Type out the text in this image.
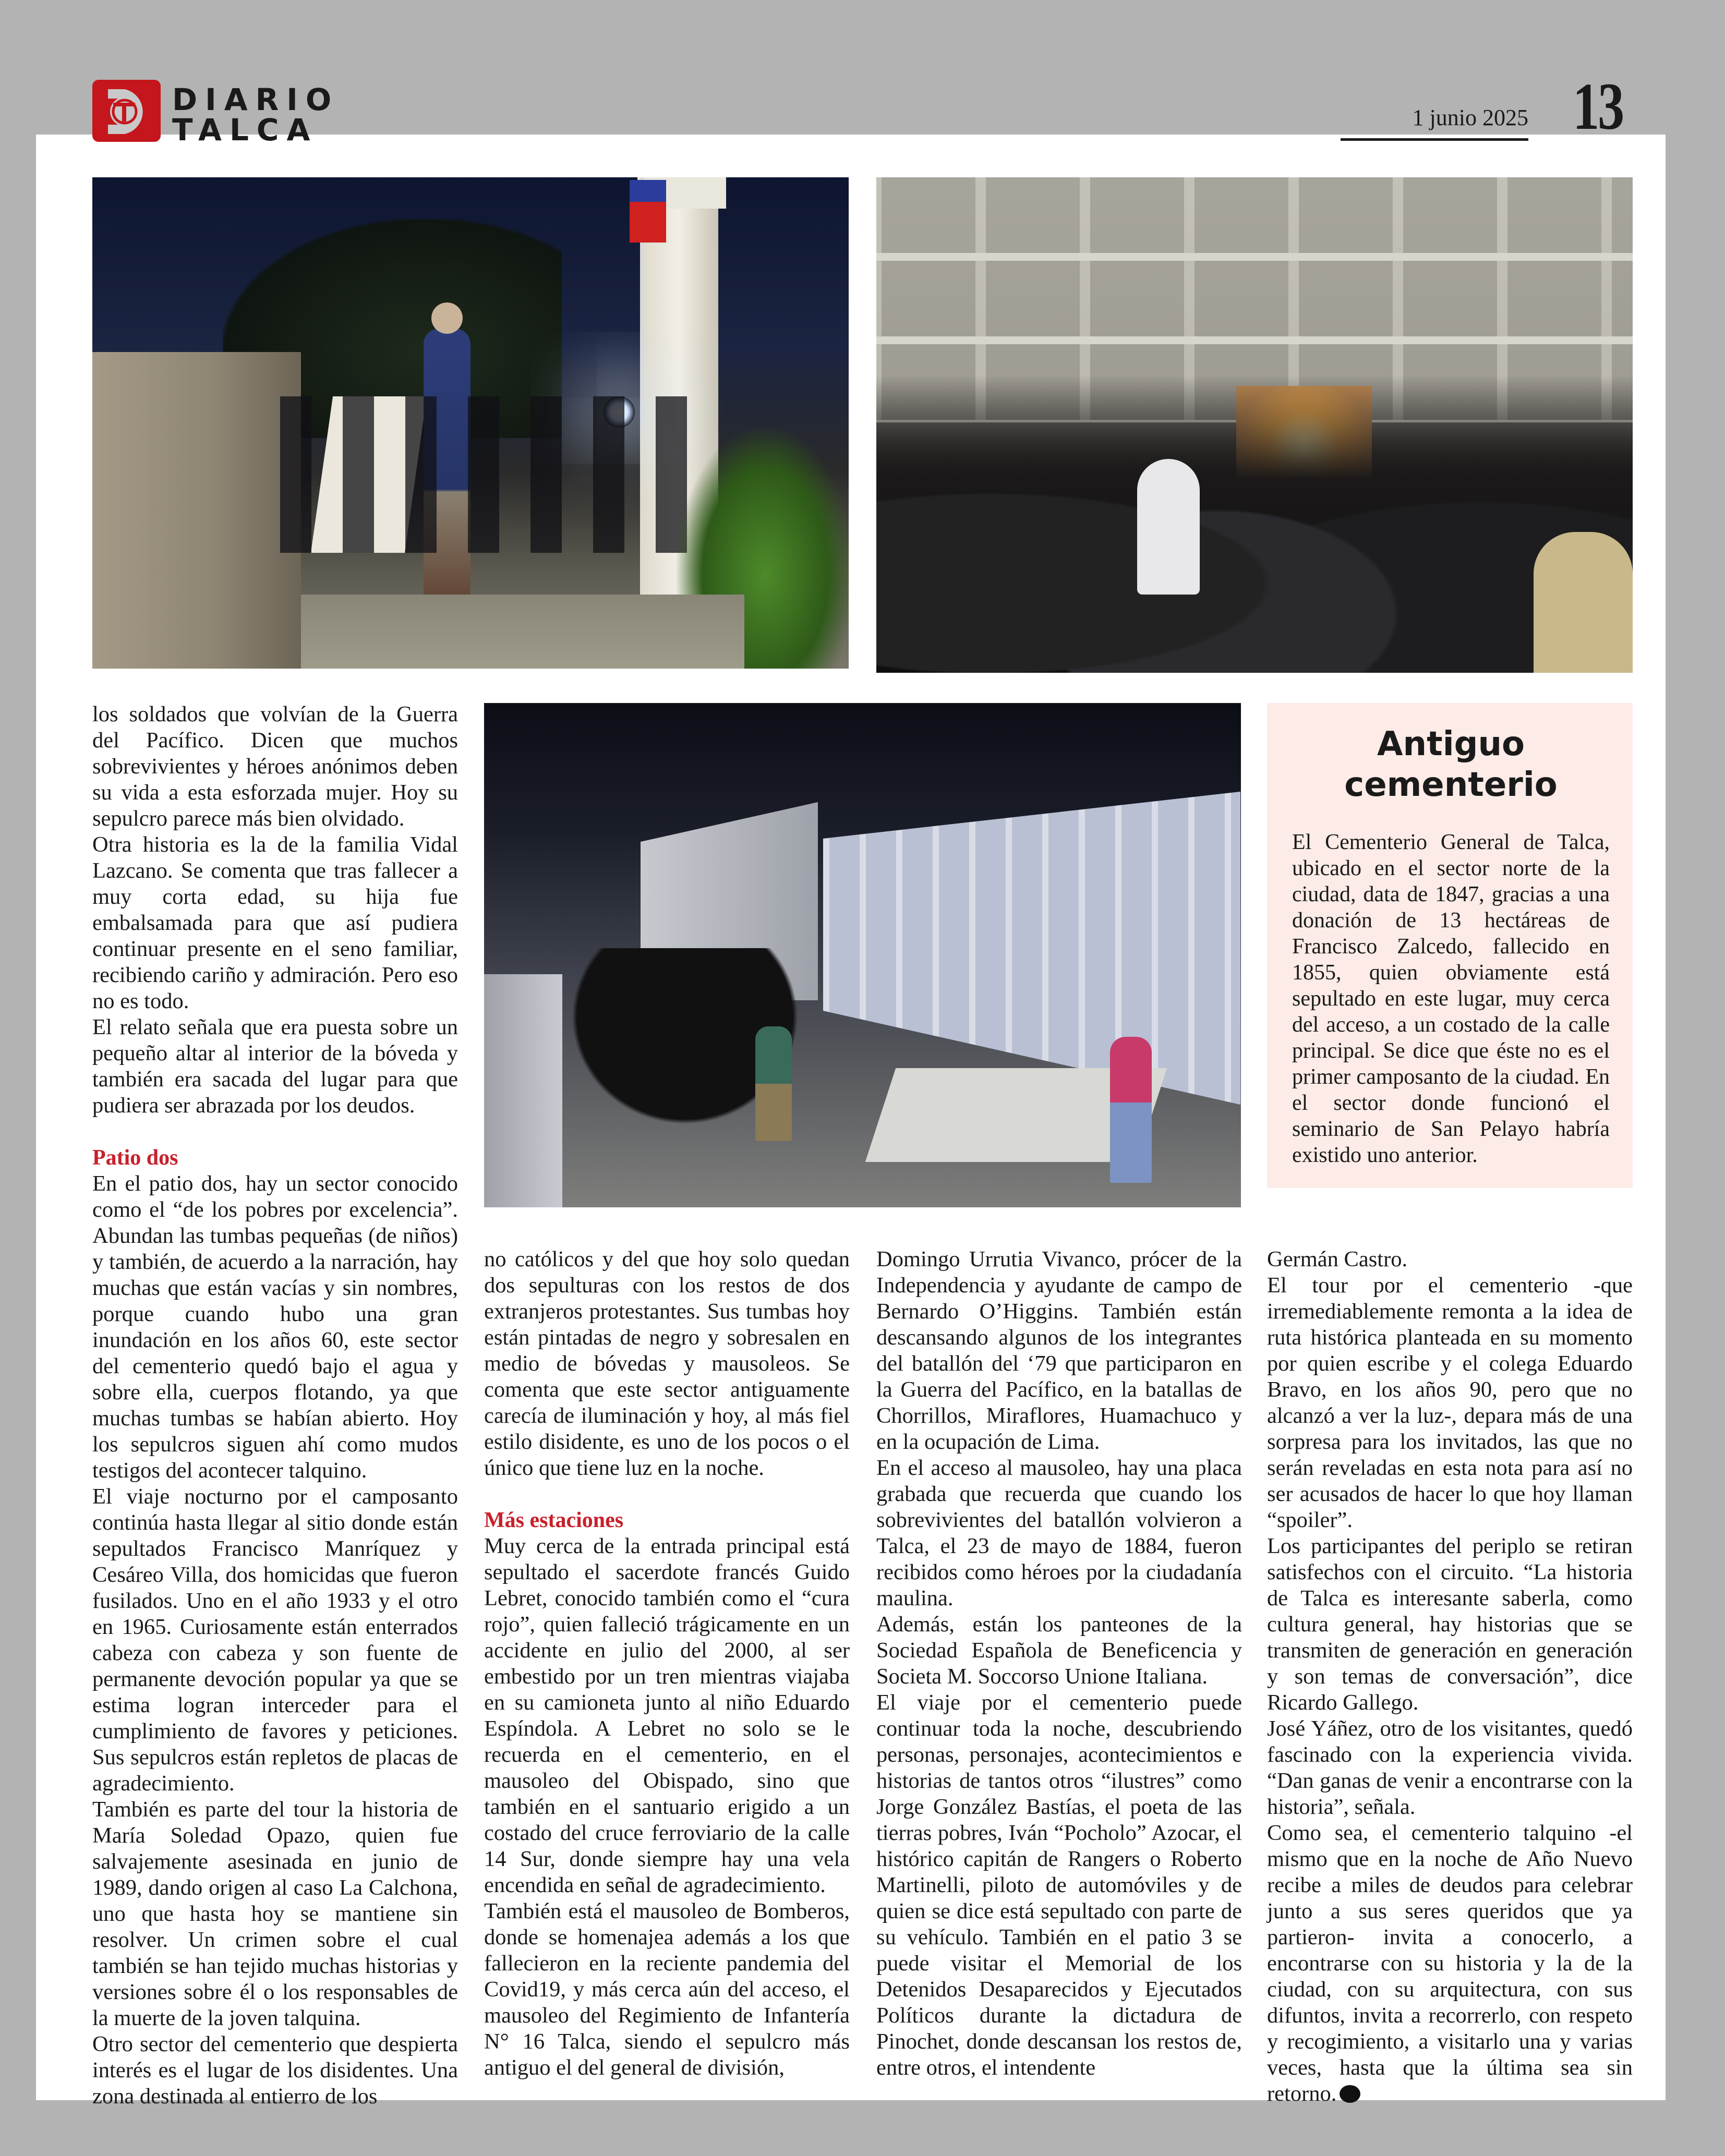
DIARIO
TALCA	1 junio 2025 13
Antiguo
cementerio

El Cementerio General de Talca, ubicado en el sector norte de la ciudad, data de 1847, gracias a una donación de 13 hectáreas de Francisco Zalcedo, fallecido en 1855, quien obviamente está sepultado en este lugar, muy cerca del acceso, a un costado de la calle principal. Se dice que éste no es el primer camposanto de la ciudad. En el sector donde funcionó el seminario de San Pelayo habría existido uno anterior.

los soldados que volvían de la Guerra del Pacífico. Dicen que muchos sobrevivientes y héroes anónimos deben su vida a esta esforzada mujer. Hoy su sepulcro parece más bien olvidado.

Otra historia es la de la familia Vidal Lazcano. Se comenta que tras fallecer a muy corta edad, su hija fue embalsamada para que así pudiera continuar presente en el seno familiar, recibiendo cariño y admiración. Pero eso no es todo.

El relato señala que era puesta sobre un pequeño altar al interior de la bóveda y también era sacada del lugar para que pudiera ser abrazada por los deudos.

Patio dos

En el patio dos, hay un sector conocido como el “de los pobres por excelencia”. Abundan las tumbas pequeñas (de niños) y también, de acuerdo a la narración, hay muchas que están vacías y sin nombres, porque cuando hubo una gran inundación en los años 60, este sector del cementerio quedó bajo el agua y sobre ella, cuerpos flotando, ya que muchas tumbas se habían abierto. Hoy los sepulcros siguen ahí como mudos testigos del acontecer talquino.

El viaje nocturno por el camposanto continúa hasta llegar al sitio donde están sepultados Francisco Manríquez y Cesáreo Villa, dos homicidas que fueron fusilados. Uno en el año 1933 y el otro en 1965. Curiosamente están enterrados cabeza con cabeza y son fuente de permanente devoción popular ya que se estima logran interceder para el cumplimiento de favores y peticiones. Sus sepulcros están repletos de placas de agradecimiento.

También es parte del tour la historia de María Soledad Opazo, quien fue salvajemente asesinada en junio de 1989, dando origen al caso La Calchona, uno que hasta hoy se mantiene sin resolver. Un crimen sobre el cual también se han tejido muchas historias y versiones sobre él o los responsables de la muerte de la joven talquina.

Otro sector del cementerio que despierta interés es el lugar de los disidentes. Una zona destinada al entierro de los

no católicos y del que hoy solo quedan dos sepulturas con los restos de dos extranjeros protestantes. Sus tumbas hoy están pintadas de negro y sobresalen en medio de bóvedas y mausoleos. Se comenta que este sector antiguamente carecía de iluminación y hoy, al más fiel estilo disidente, es uno de los pocos o el único que tiene luz en la noche.

Más estaciones

Muy cerca de la entrada principal está sepultado el sacerdote francés Guido Lebret, conocido también como el “cura rojo”, quien falleció trágicamente en un accidente en julio del 2000, al ser embestido por un tren mientras viajaba en su camioneta junto al niño Eduardo Espíndola. A Lebret no solo se le recuerda en el cementerio, en el mausoleo del Obispado, sino que también en el santuario erigido a un costado del cruce ferroviario de la calle 14 Sur, donde siempre hay una vela encendida en señal de agradecimiento.

También está el mausoleo de Bomberos, donde se homenajea además a los que fallecieron en la reciente pandemia del Covid19, y más cerca aún del acceso, el mausoleo del Regimiento de Infantería N° 16 Talca, siendo el sepulcro más antiguo el del general de división,

Domingo Urrutia Vivanco, prócer de la Independencia y ayudante de campo de Bernardo O’Higgins. También están descansando algunos de los integrantes del batallón del ‘79 que participaron en la Guerra del Pacífico, en la batallas de Chorrillos, Miraflores, Huamachuco y en la ocupación de Lima.

En el acceso al mausoleo, hay una placa grabada que recuerda que cuando los sobrevivientes del batallón volvieron a Talca, el 23 de mayo de 1884, fueron recibidos como héroes por la ciudadanía maulina.

Además, están los panteones de la Sociedad Española de Beneficencia y Societa M. Soccorso Unione Italiana.

El viaje por el cementerio puede continuar toda la noche, descubriendo personas, personajes, acontecimientos e historias de tantos otros “ilustres” como Jorge González Bastías, el poeta de las tierras pobres, Iván “Pocholo” Azocar, el histórico capitán de Rangers o Roberto Martinelli, piloto de automóviles y de quien se dice está sepultado con parte de su vehículo. También en el patio 3 se puede visitar el Memorial de los Detenidos Desaparecidos y Ejecutados Políticos durante la dictadura de Pinochet, donde descansan los restos de, entre otros, el intendente

Germán Castro.

El tour por el cementerio -que irremediablemente remonta a la idea de ruta histórica planteada en su momento por quien escribe y el colega Eduardo Bravo, en los años 90, pero que no alcanzó a ver la luz-, depara más de una sorpresa para los invitados, las que no serán reveladas en esta nota para así no ser acusados de hacer lo que hoy llaman “spoiler”.

Los participantes del periplo se retiran satisfechos con el circuito. “La historia de Talca es interesante saberla, como cultura general, hay historias que se transmiten de generación en generación y son temas de conversación”, dice Ricardo Gallego.

José Yáñez, otro de los visitantes, quedó fascinado con la experiencia vivida. “Dan ganas de venir a encontrarse con la historia”, señala.

Como sea, el cementerio talquino -el mismo que en la noche de Año Nuevo recibe a miles de deudos para celebrar junto a sus seres queridos que ya partieron- invita a conocerlo, a encontrarse con su historia y la de la ciudad, con su arquitectura, con sus difuntos, invita a recorrerlo, con respeto y recogimiento, a visitarlo una y varias veces, hasta que la última sea sin retorno.
